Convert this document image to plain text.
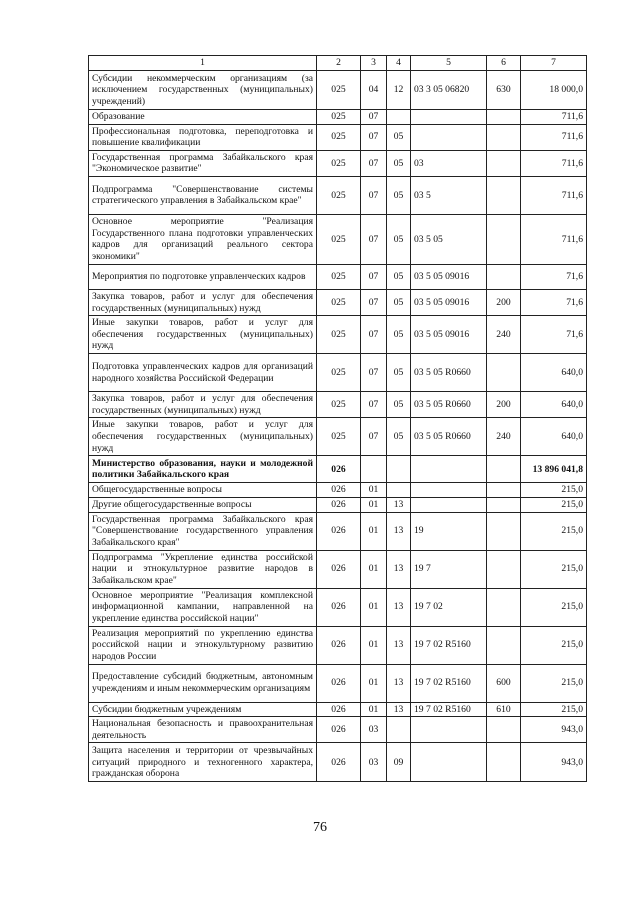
1	2	3	4	5	6	7
Субсидии некоммерческим организациям (за исключением государственных (муниципальных) учреждений)	025	04	12	03 3 05 06820	630	18 000,0
Образование	025	07				711,6
Профессиональная подготовка, переподготовка и повышение квалификации	025	07	05			711,6
Государственная программа Забайкальского края "Экономическое развитие"	025	07	05	03		711,6
Подпрограмма "Совершенствование системы стратегического управления в Забайкальском крае"	025	07	05	03 5		711,6
Основное мероприятие "Реализация Государственного плана подготовки управленческих кадров для организаций реального сектора экономики"	025	07	05	03 5 05		711,6
Мероприятия по подготовке управленческих кадров	025	07	05	03 5 05 09016		71,6
Закупка товаров, работ и услуг для обеспечения государственных (муниципальных) нужд	025	07	05	03 5 05 09016	200	71,6
Иные закупки товаров, работ и услуг для обеспечения государственных (муниципальных) нужд	025	07	05	03 5 05 09016	240	71,6
Подготовка управленческих кадров для организаций народного хозяйства Российской Федерации	025	07	05	03 5 05 R0660		640,0
Закупка товаров, работ и услуг для обеспечения государственных (муниципальных) нужд	025	07	05	03 5 05 R0660	200	640,0
Иные закупки товаров, работ и услуг для обеспечения государственных (муниципальных) нужд	025	07	05	03 5 05 R0660	240	640,0
Министерство образования, науки и молодежной политики Забайкальского края	026					13 896 041,8
Общегосударственные вопросы	026	01				215,0
Другие общегосударственные вопросы	026	01	13			215,0
Государственная программа Забайкальского края "Совершенствование государственного управления Забайкальского края"	026	01	13	19		215,0
Подпрограмма "Укрепление единства российской нации и этнокультурное развитие народов в Забайкальском крае"	026	01	13	19 7		215,0
Основное мероприятие "Реализация комплексной информационной кампании, направленной на укрепление единства российской нации"	026	01	13	19 7 02		215,0
Реализация мероприятий по укреплению единства российской нации и этнокультурному развитию народов России	026	01	13	19 7 02 R5160		215,0
Предоставление субсидий бюджетным, автономным учреждениям и иным некоммерческим организациям	026	01	13	19 7 02 R5160	600	215,0
Субсидии бюджетным учреждениям	026	01	13	19 7 02 R5160	610	215,0
Национальная безопасность и правоохранительная деятельность	026	03				943,0
Защита населения и территории от чрезвычайных ситуаций природного и техногенного характера, гражданская оборона	026	03	09			943,0
76
